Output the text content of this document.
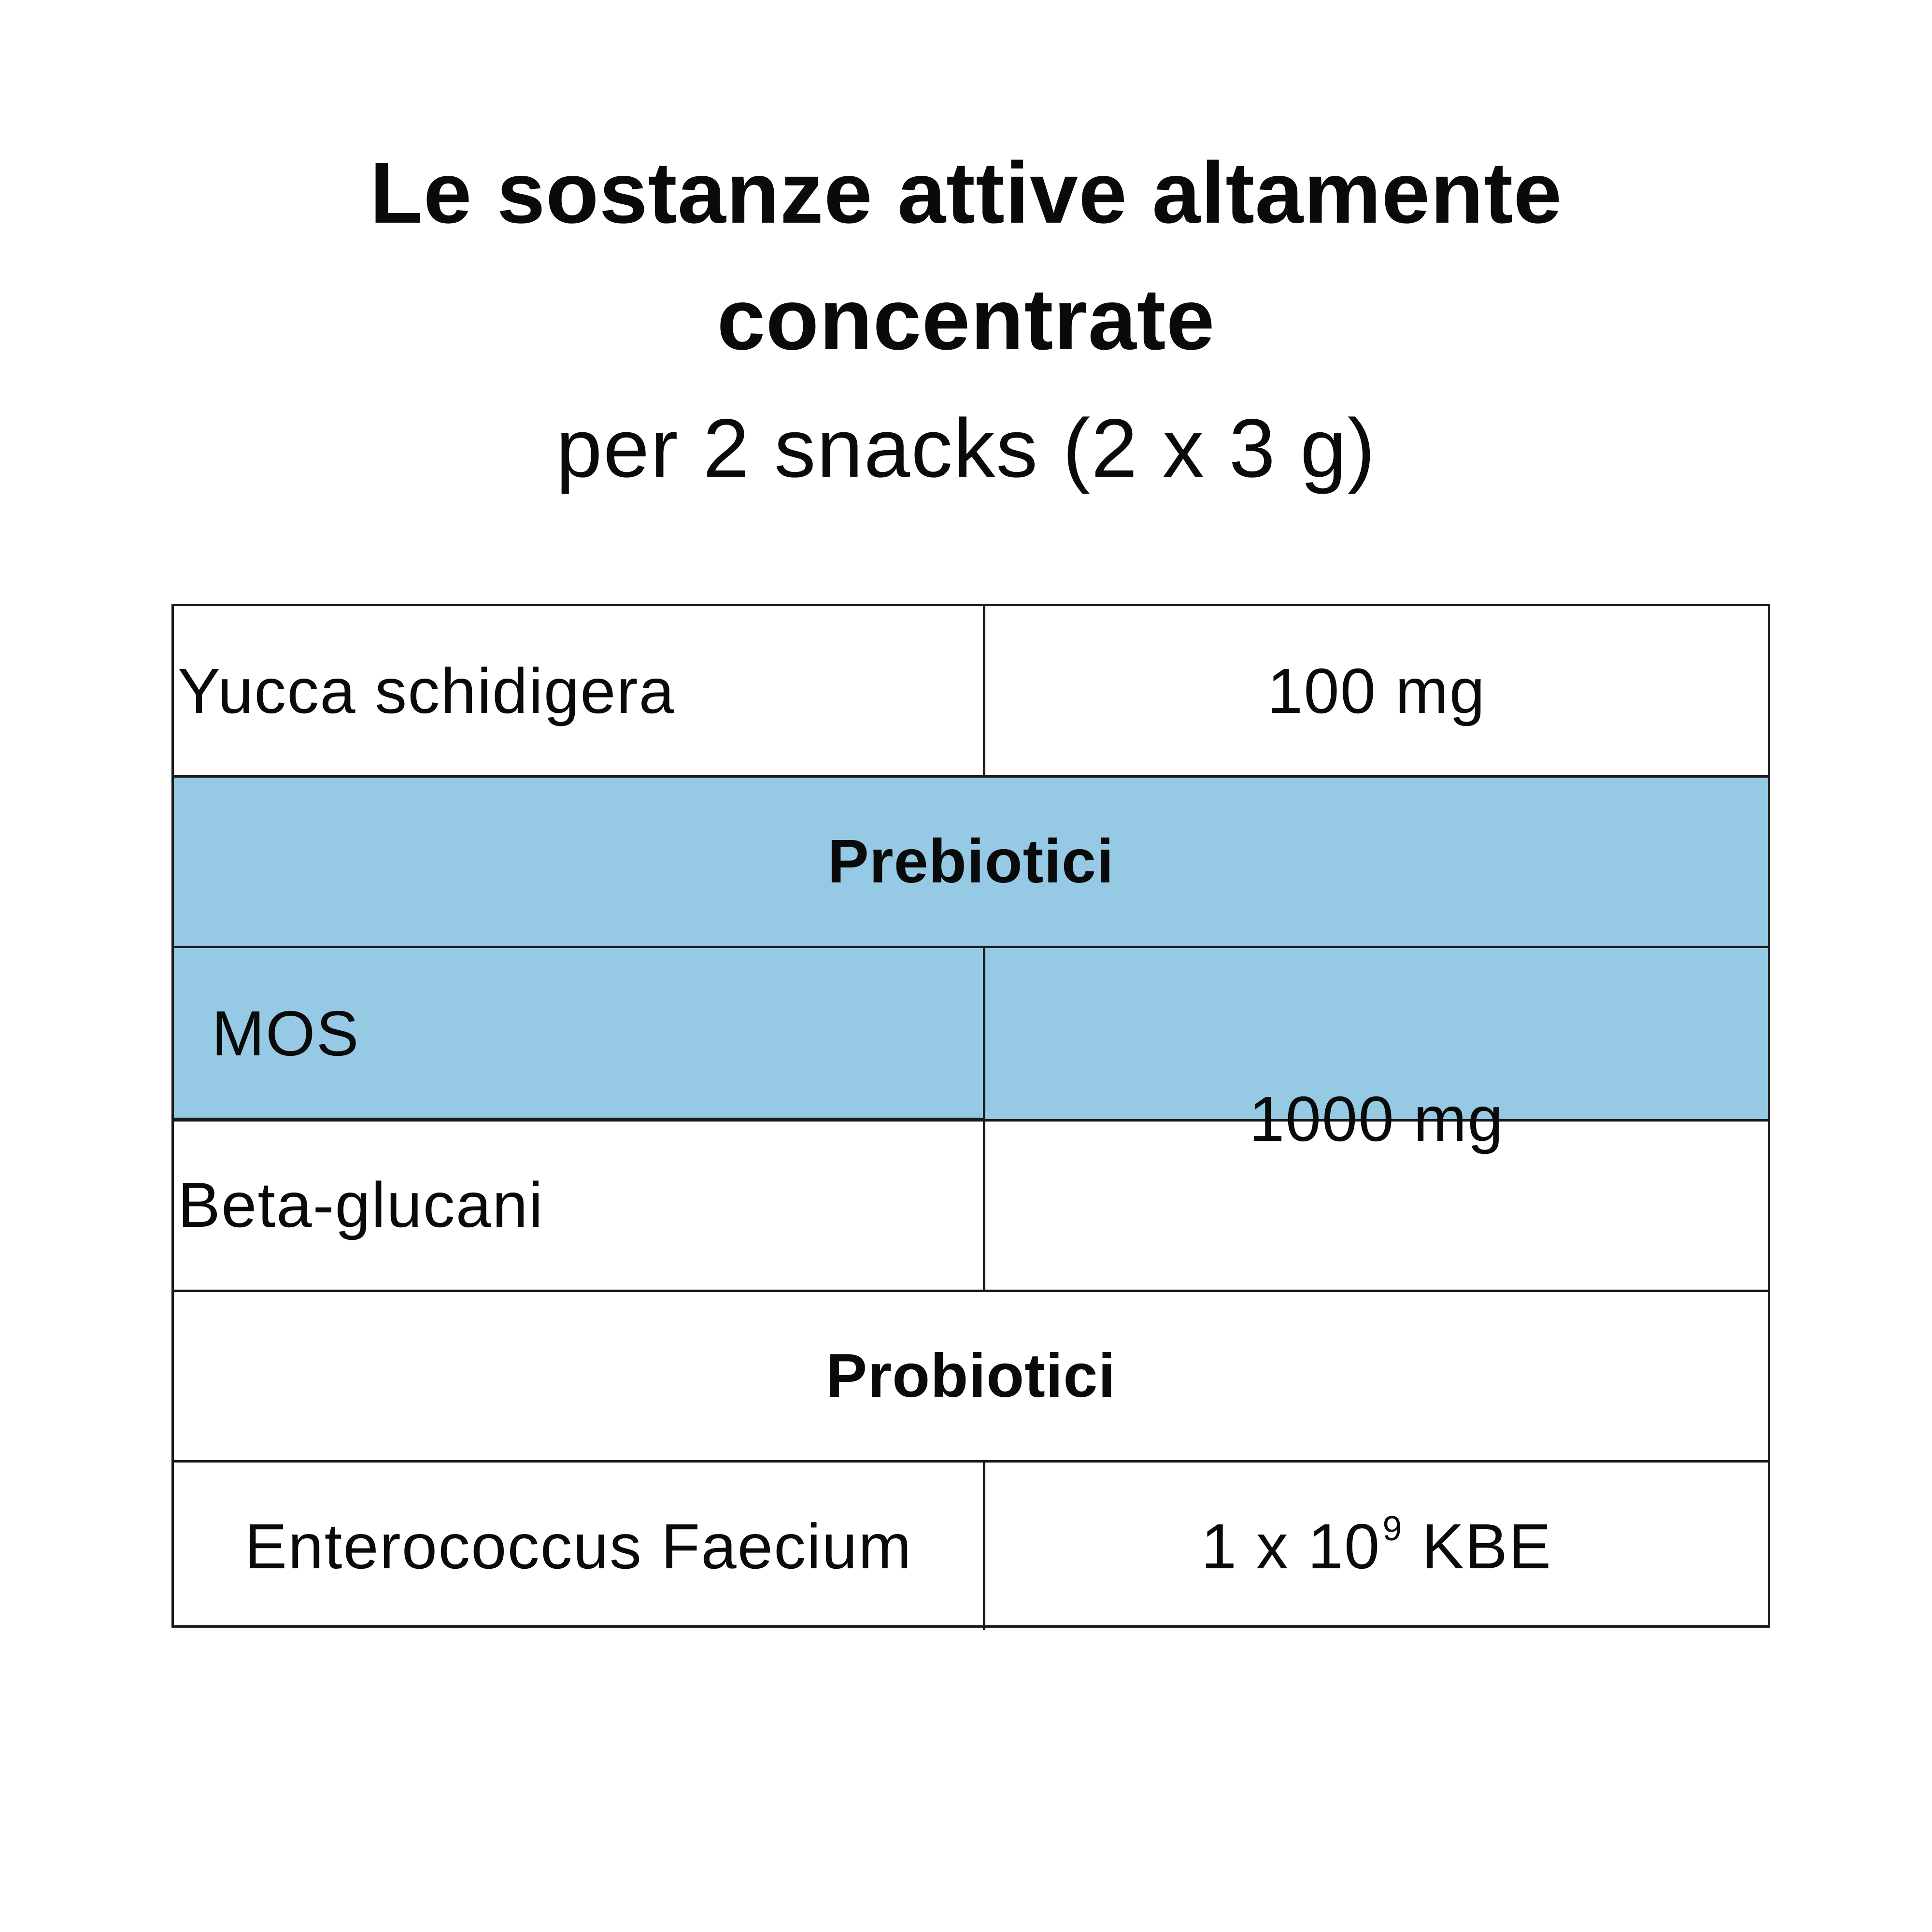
Le sostanze attive altamente
concentrate
per 2 snacks (2 x 3 g)
Yucca schidigera	100 mg
Prebiotici
MOS
Beta-glucani
1000 mg
Probiotici
Enterococcus Faecium	1 x $10^9$ KBE
